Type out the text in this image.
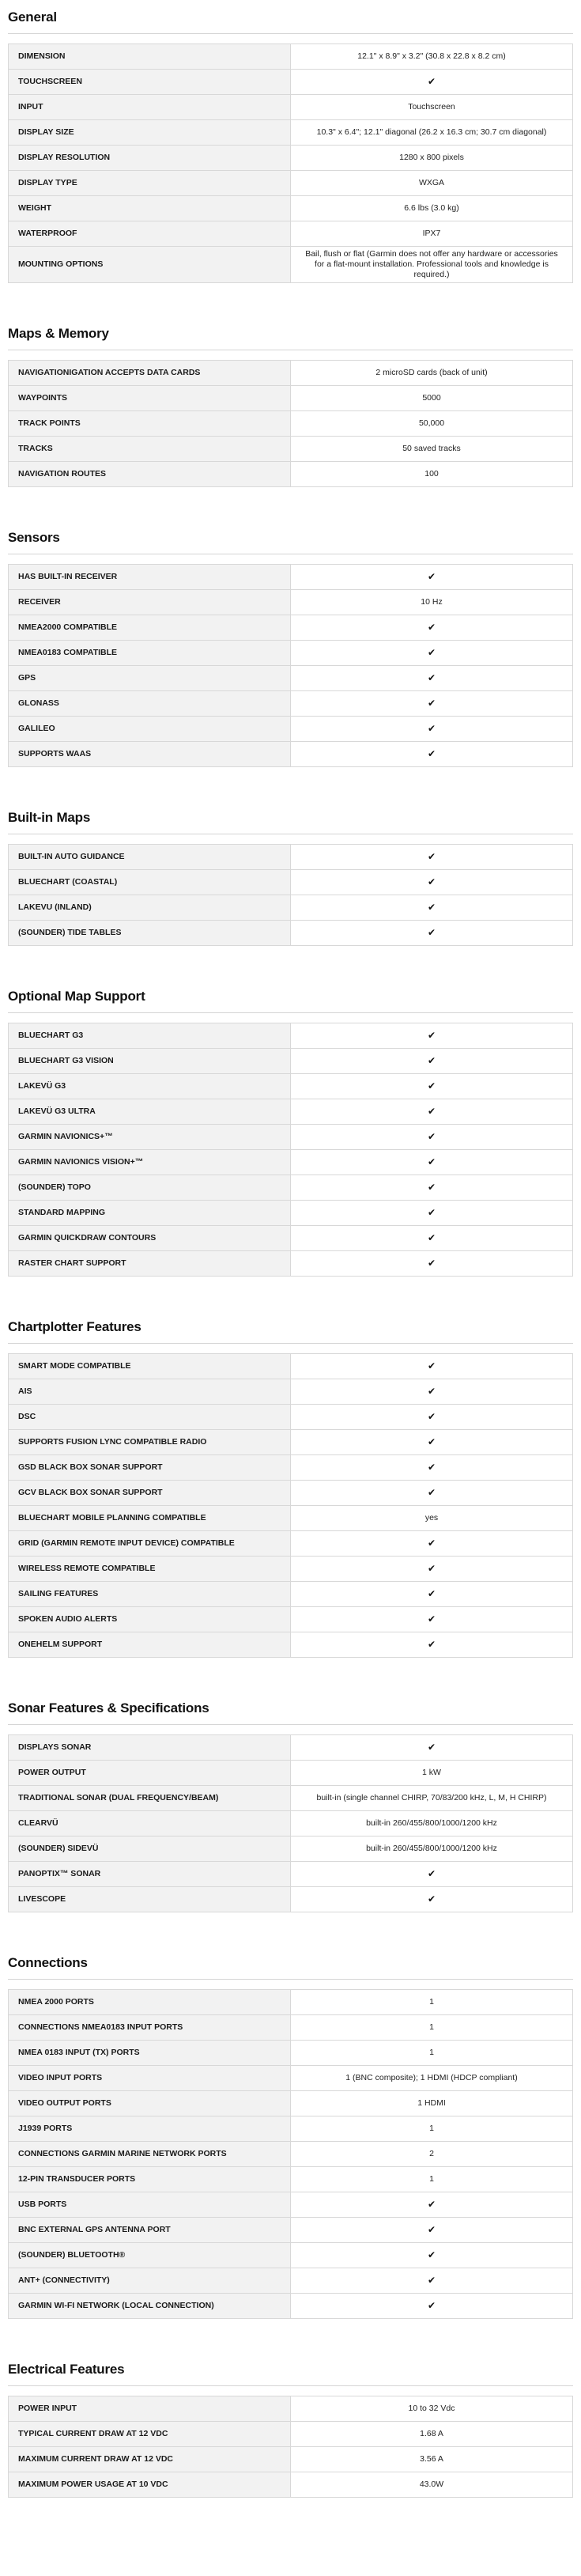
General
DIMENSION	12.1" x 8.9" x 3.2" (30.8 x 22.8 x 8.2 cm)
TOUCHSCREEN	✔
INPUT	Touchscreen
DISPLAY SIZE	10.3" x 6.4"; 12.1" diagonal (26.2 x 16.3 cm; 30.7 cm diagonal)
DISPLAY RESOLUTION	1280 x 800 pixels
DISPLAY TYPE	WXGA
WEIGHT	6.6 lbs (3.0 kg)
WATERPROOF	IPX7
MOUNTING OPTIONS	Bail, flush or flat (Garmin does not offer any hardware or accessories for a flat-mount installation. Professional tools and knowledge is required.)
Maps & Memory
NAVIGATIONIGATION ACCEPTS DATA CARDS	2 microSD cards (back of unit)
WAYPOINTS	5000
TRACK POINTS	50,000
TRACKS	50 saved tracks
NAVIGATION ROUTES	100
Sensors
HAS BUILT-IN RECEIVER	✔
RECEIVER	10 Hz
NMEA2000 COMPATIBLE	✔
NMEA0183 COMPATIBLE	✔
GPS	✔
GLONASS	✔
GALILEO	✔
SUPPORTS WAAS	✔
Built-in Maps
BUILT-IN AUTO GUIDANCE	✔
BLUECHART (COASTAL)	✔
LAKEVU (INLAND)	✔
(SOUNDER) TIDE TABLES	✔
Optional Map Support
BLUECHART G3	✔
BLUECHART G3 VISION	✔
LAKEVÜ G3	✔
LAKEVÜ G3 ULTRA	✔
GARMIN NAVIONICS+™	✔
GARMIN NAVIONICS VISION+™	✔
(SOUNDER) TOPO	✔
STANDARD MAPPING	✔
GARMIN QUICKDRAW CONTOURS	✔
RASTER CHART SUPPORT	✔
Chartplotter Features
SMART MODE COMPATIBLE	✔
AIS	✔
DSC	✔
SUPPORTS FUSION LYNC COMPATIBLE RADIO	✔
GSD BLACK BOX SONAR SUPPORT	✔
GCV BLACK BOX SONAR SUPPORT	✔
BLUECHART MOBILE PLANNING COMPATIBLE	yes
GRID (GARMIN REMOTE INPUT DEVICE) COMPATIBLE	✔
WIRELESS REMOTE COMPATIBLE	✔
SAILING FEATURES	✔
SPOKEN AUDIO ALERTS	✔
ONEHELM SUPPORT	✔
Sonar Features & Specifications
DISPLAYS SONAR	✔
POWER OUTPUT	1 kW
TRADITIONAL SONAR (DUAL FREQUENCY/BEAM)	built-in (single channel CHIRP, 70/83/200 kHz, L, M, H CHIRP)
CLEARVÜ	built-in 260/455/800/1000/1200 kHz
(SOUNDER) SIDEVÜ	built-in 260/455/800/1000/1200 kHz
PANOPTIX™ SONAR	✔
LIVESCOPE	✔
Connections
NMEA 2000 PORTS	1
CONNECTIONS NMEA0183 INPUT PORTS	1
NMEA 0183 INPUT (TX) PORTS	1
VIDEO INPUT PORTS	1 (BNC composite); 1 HDMI (HDCP compliant)
VIDEO OUTPUT PORTS	1 HDMI
J1939 PORTS	1
CONNECTIONS GARMIN MARINE NETWORK PORTS	2
12-PIN TRANSDUCER PORTS	1
USB PORTS	✔
BNC EXTERNAL GPS ANTENNA PORT	✔
(SOUNDER) BLUETOOTH®	✔
ANT+ (CONNECTIVITY)	✔
GARMIN WI-FI NETWORK (LOCAL CONNECTION)	✔
Electrical Features
POWER INPUT	10 to 32 Vdc
TYPICAL CURRENT DRAW AT 12 VDC	1.68 A
MAXIMUM CURRENT DRAW AT 12 VDC	3.56 A
MAXIMUM POWER USAGE AT 10 VDC	43.0W
